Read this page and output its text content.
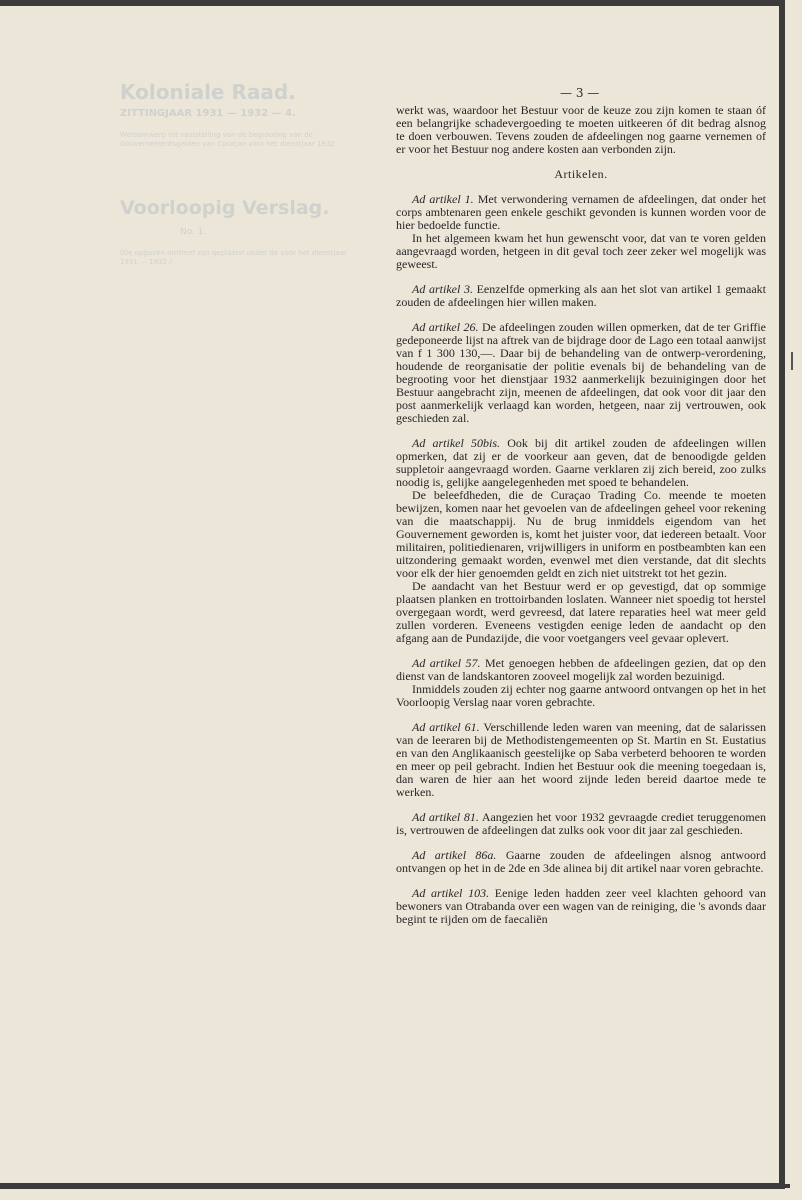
Koloniale Raad.
ZITTINGJAAR 1931 — 1932 — 4.
Wetsontwerp tot vaststelling van de begrooting van de Gouvernementsgelden van Curaçao voor het dienstjaar 1932.
Voorloopig Verslag.
No. 1.
(De opgaven omtrent zijn geplaatst onder de voor het dienstjaar 1931 — 1932.)
— 3 —

werkt was, waardoor het Bestuur voor de keuze zou zijn komen te staan óf een belangrijke schadevergoeding te moeten uitkeeren óf dit bedrag alsnog te doen verbouwen. Tevens zouden de afdeelingen nog gaarne vernemen of er voor het Bestuur nog andere kosten aan verbonden zijn.

Artikelen.

Ad artikel 1. Met verwondering vernamen de afdeelingen, dat onder het corps ambtenaren geen enkele geschikt gevonden is kunnen worden voor de hier bedoelde functie.

In het algemeen kwam het hun gewenscht voor, dat van te voren gelden aangevraagd worden, hetgeen in dit geval toch zeer zeker wel mogelijk was geweest.

Ad artikel 3. Eenzelfde opmerking als aan het slot van artikel 1 gemaakt zouden de afdeelingen hier willen maken.

Ad artikel 26. De afdeelingen zouden willen opmerken, dat de ter Griffie gedeponeerde lijst na aftrek van de bijdrage door de Lago een totaal aanwijst van f 1 300 130,—. Daar bij de behandeling van de ontwerp-verordening, houdende de reorganisatie der politie evenals bij de behandeling van de begrooting voor het dienstjaar 1932 aanmerkelijk bezuinigingen door het Bestuur aangebracht zijn, meenen de afdeelingen, dat ook voor dit jaar den post aanmerkelijk verlaagd kan worden, hetgeen, naar zij vertrouwen, ook geschieden zal.

Ad artikel 50bis. Ook bij dit artikel zouden de afdeelingen willen opmerken, dat zij er de voorkeur aan geven, dat de benoodigde gelden suppletoir aangevraagd worden. Gaarne verklaren zij zich bereid, zoo zulks noodig is, gelijke aangelegenheden met spoed te behandelen.

De beleefdheden, die de Curaçao Trading Co. meende te moeten bewijzen, komen naar het gevoelen van de afdeelingen geheel voor rekening van die maatschappij. Nu de brug inmiddels eigendom van het Gouvernement geworden is, komt het juister voor, dat iedereen betaalt. Voor militairen, politiedienaren, vrijwilligers in uniform en postbeambten kan een uitzondering gemaakt worden, evenwel met dien verstande, dat dit slechts voor elk der hier genoemden geldt en zich niet uitstrekt tot het gezin.

De aandacht van het Bestuur werd er op gevestigd, dat op sommige plaatsen planken en trottoirbanden loslaten. Wanneer niet spoedig tot herstel overgegaan wordt, werd gevreesd, dat latere reparaties heel wat meer geld zullen vorderen. Eveneens vestigden eenige leden de aandacht op den afgang aan de Pundazijde, die voor voetgangers veel gevaar oplevert.

Ad artikel 57. Met genoegen hebben de afdeelingen gezien, dat op den dienst van de landskantoren zooveel mogelijk zal worden bezuinigd.

Inmiddels zouden zij echter nog gaarne antwoord ontvangen op het in het Voorloopig Verslag naar voren gebrachte.

Ad artikel 61. Verschillende leden waren van meening, dat de salarissen van de leeraren bij de Methodistengemeenten op St. Martin en St. Eustatius en van den Anglikaanisch geestelijke op Saba verbeterd behooren te worden en meer op peil gebracht. Indien het Bestuur ook die meening toegedaan is, dan waren de hier aan het woord zijnde leden bereid daartoe mede te werken.

Ad artikel 81. Aangezien het voor 1932 gevraagde crediet teruggenomen is, vertrouwen de afdeelingen dat zulks ook voor dit jaar zal geschieden.

Ad artikel 86a. Gaarne zouden de afdeelingen alsnog antwoord ontvangen op het in de 2de en 3de alinea bij dit artikel naar voren gebrachte.

Ad artikel 103. Eenige leden hadden zeer veel klachten gehoord van bewoners van Otrabanda over een wagen van de reiniging, die 's avonds daar begint te rijden om de faecaliën
